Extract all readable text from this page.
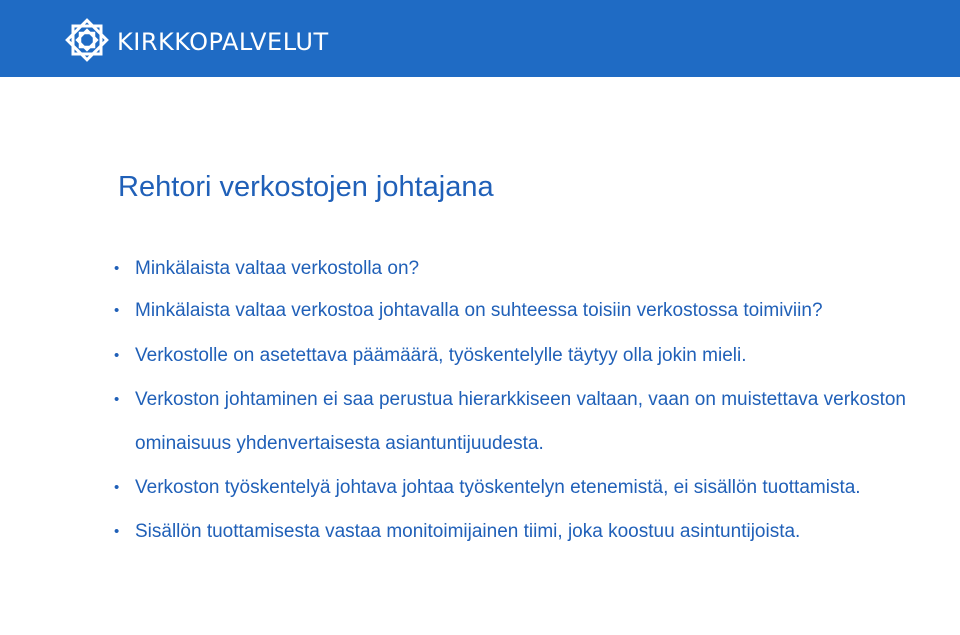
KIRKKOPALVELUT
Rehtori verkostojen johtajana
• Minkälaista valtaa verkostolla on?
• Minkälaista valtaa verkostoa johtavalla on suhteessa toisiin verkostossa toimiviin?
• Verkostolle on asetettava päämäärä, työskentelylle täytyy olla jokin mieli.
• Verkoston johtaminen ei saa perustua hierarkkiseen valtaan, vaan on muistettava verkoston ominaisuus yhdenvertaisesta asiantuntijuudesta.
• Verkoston työskentelyä johtava johtaa työskentelyn etenemistä, ei sisällön tuottamista.
• Sisällön tuottamisesta vastaa monitoimijainen tiimi, joka koostuu asintuntijoista.
